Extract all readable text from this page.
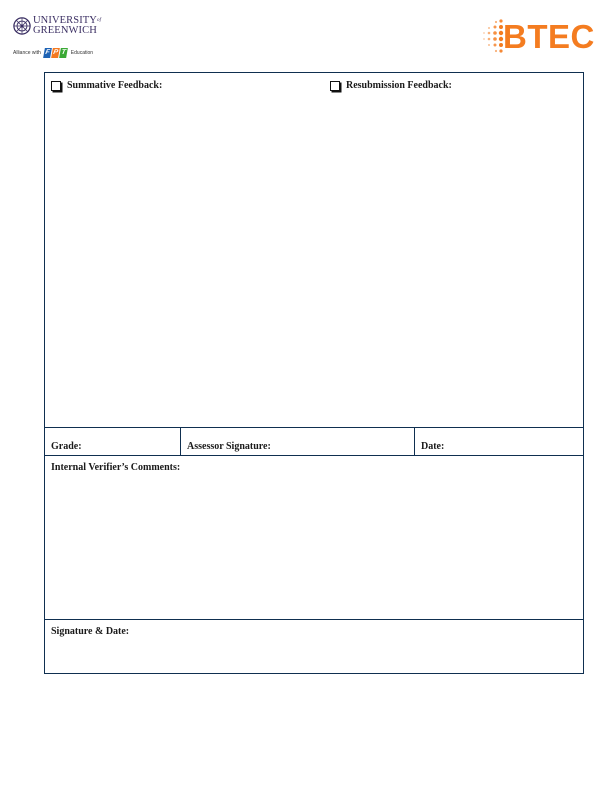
$UNIVERSITY^{of}$
GREENWICH
Alliance with F P T Education	BTEC
Summative Feedback:	Resubmission Feedback:
Grade:	Assessor Signature:	Date:
Internal Verifier’s Comments:
Signature & Date:
